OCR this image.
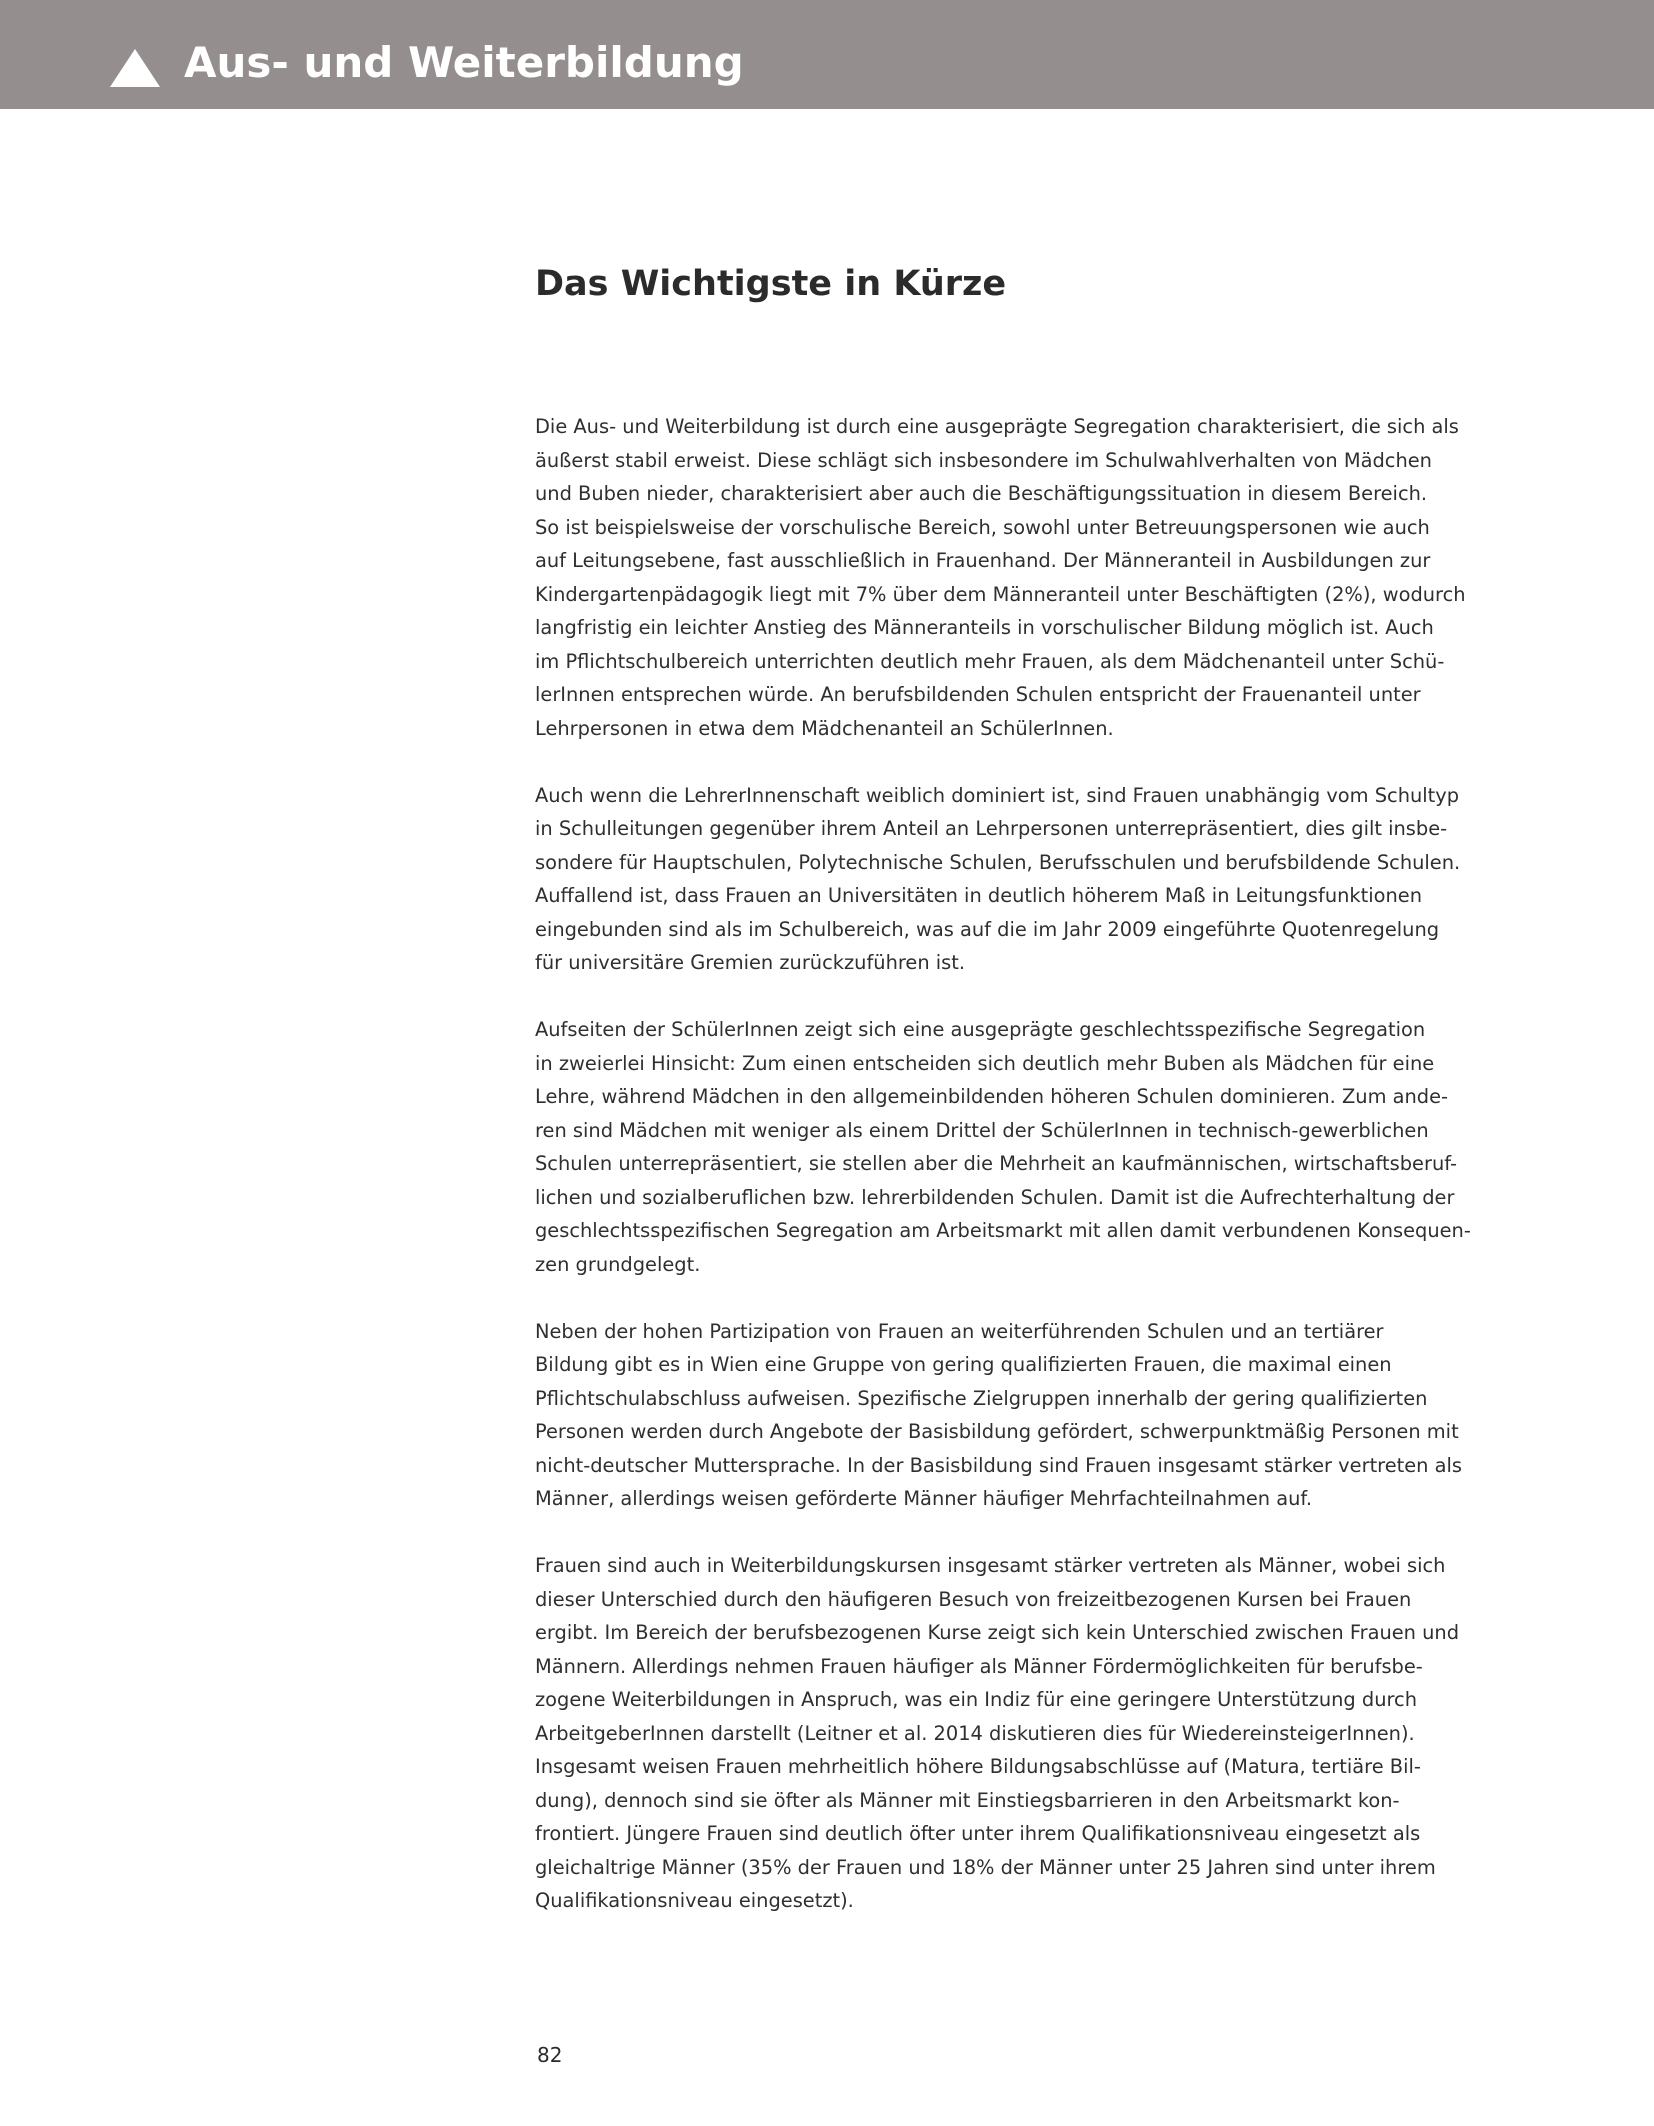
Aus- und Weiterbildung
Das Wichtigste in Kürze

Die Aus- und Weiterbildung ist durch eine ausgeprägte Segregation charakterisiert, die sich als
äußerst stabil erweist. Diese schlägt sich insbesondere im Schulwahlverhalten von Mädchen
und Buben nieder, charakterisiert aber auch die Beschäftigungssituation in diesem Bereich.
So ist beispielsweise der vorschulische Bereich, sowohl unter Betreuungspersonen wie auch
auf Leitungsebene, fast ausschließlich in Frauenhand. Der Männeranteil in Ausbildungen zur
Kindergartenpädagogik liegt mit 7% über dem Männeranteil unter Beschäftigten (2%), wodurch
langfristig ein leichter Anstieg des Männeranteils in vorschulischer Bildung möglich ist. Auch
im Pflichtschulbereich unterrichten deutlich mehr Frauen, als dem Mädchenanteil unter Schü-
lerInnen entsprechen würde. An berufsbildenden Schulen entspricht der Frauenanteil unter
Lehrpersonen in etwa dem Mädchenanteil an SchülerInnen.

Auch wenn die LehrerInnenschaft weiblich dominiert ist, sind Frauen unabhängig vom Schultyp
in Schulleitungen gegenüber ihrem Anteil an Lehrpersonen unterrepräsentiert, dies gilt insbe-
sondere für Hauptschulen, Polytechnische Schulen, Berufsschulen und berufsbildende Schulen.
Auffallend ist, dass Frauen an Universitäten in deutlich höherem Maß in Leitungsfunktionen
eingebunden sind als im Schulbereich, was auf die im Jahr 2009 eingeführte Quotenregelung
für universitäre Gremien zurückzuführen ist.

Aufseiten der SchülerInnen zeigt sich eine ausgeprägte geschlechtsspezifische Segregation
in zweierlei Hinsicht: Zum einen entscheiden sich deutlich mehr Buben als Mädchen für eine
Lehre, während Mädchen in den allgemeinbildenden höheren Schulen dominieren. Zum ande-
ren sind Mädchen mit weniger als einem Drittel der SchülerInnen in technisch-gewerblichen
Schulen unterrepräsentiert, sie stellen aber die Mehrheit an kaufmännischen, wirtschaftsberuf-
lichen und sozialberuflichen bzw. lehrerbildenden Schulen. Damit ist die Aufrechterhaltung der
geschlechtsspezifischen Segregation am Arbeitsmarkt mit allen damit verbundenen Konsequen-
zen grundgelegt.

Neben der hohen Partizipation von Frauen an weiterführenden Schulen und an tertiärer
Bildung gibt es in Wien eine Gruppe von gering qualifizierten Frauen, die maximal einen
Pflichtschulabschluss aufweisen. Spezifische Zielgruppen innerhalb der gering qualifizierten
Personen werden durch Angebote der Basisbildung gefördert, schwerpunktmäßig Personen mit
nicht-deutscher Muttersprache. In der Basisbildung sind Frauen insgesamt stärker vertreten als
Männer, allerdings weisen geförderte Männer häufiger Mehrfachteilnahmen auf.

Frauen sind auch in Weiterbildungskursen insgesamt stärker vertreten als Männer, wobei sich
dieser Unterschied durch den häufigeren Besuch von freizeitbezogenen Kursen bei Frauen
ergibt. Im Bereich der berufsbezogenen Kurse zeigt sich kein Unterschied zwischen Frauen und
Männern. Allerdings nehmen Frauen häufiger als Männer Fördermöglichkeiten für berufsbe-
zogene Weiterbildungen in Anspruch, was ein Indiz für eine geringere Unterstützung durch
ArbeitgeberInnen darstellt (Leitner et al. 2014 diskutieren dies für WiedereinsteigerInnen).
Insgesamt weisen Frauen mehrheitlich höhere Bildungsabschlüsse auf (Matura, tertiäre Bil-
dung), dennoch sind sie öfter als Männer mit Einstiegsbarrieren in den Arbeitsmarkt kon-
frontiert. Jüngere Frauen sind deutlich öfter unter ihrem Qualifikationsniveau eingesetzt als
gleichaltrige Männer (35% der Frauen und 18% der Männer unter 25 Jahren sind unter ihrem
Qualifikationsniveau eingesetzt).

82
